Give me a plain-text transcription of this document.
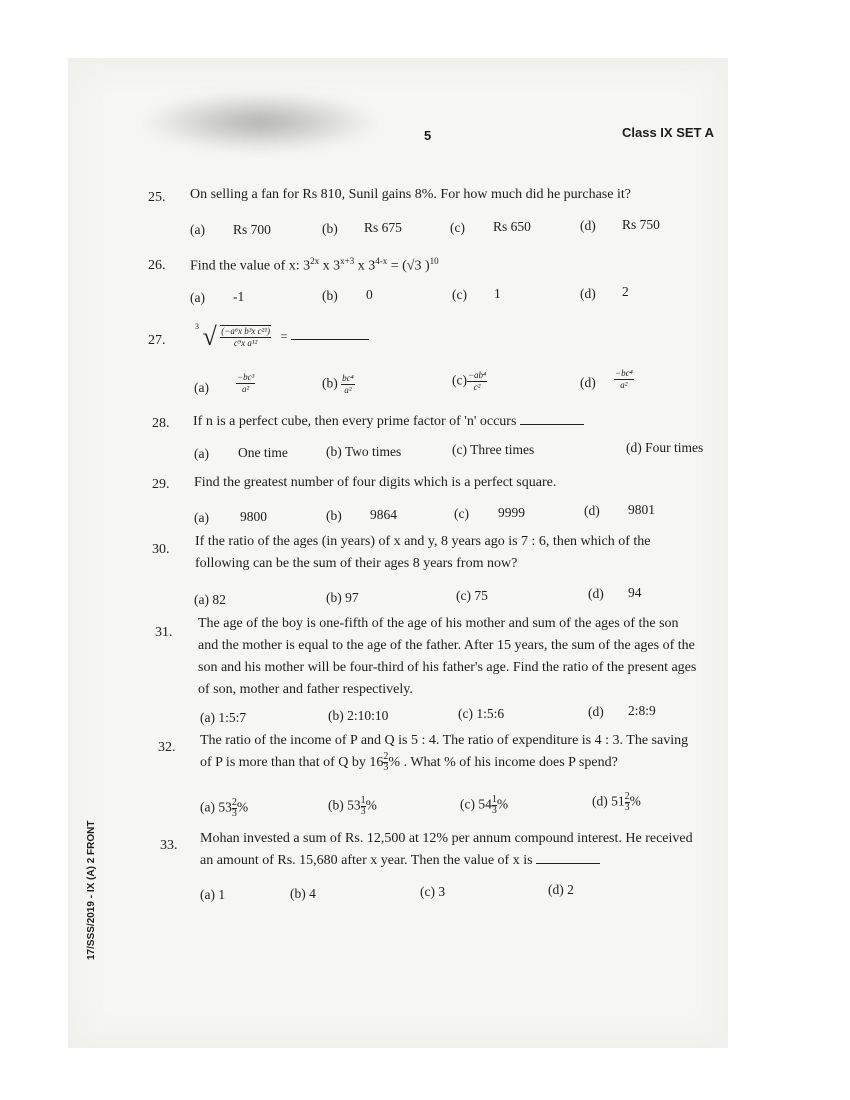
5	Class IX SET A
17/SSS/2019 - IX (A) 2 FRONT
25. On selling a fan for Rs 810, Sunil gains 8%. For how much did he purchase it?
(a) Rs 700	(b) Rs 675	(c) Rs 650	(d) Rs 750
26. Find the value of x: $3^{2x}$ x $3^{x+3}$ x $3^{4-x} = (√3$ )$^{10}$
(a) -1	(b) 0	(c) 1	(d) 2
27.
$^3$ √ $\frac{\text{(−a⁶x b³x c²¹)}}{\text{c⁹x a¹²}}$ =
(a)	$\frac{\text{−bc³}}{\text{a²}}$	$(b) \frac{\text{bc⁴}}{\text{a²}}$	$(c) \frac{\text{−ab⁴}}{\text{c²}}$	$(d) \frac{\text{−bc⁴}}{\text{a²}}$
28. If n is a perfect cube, then every prime factor of 'n' occurs
(a) One time	(b) Two times	(c) Three times	(d) Four times
29. Find the greatest number of four digits which is a perfect square.
(a) 9800	(b) 9864	(c) 9999	(d) 9801
30.
If the ratio of the ages (in years) of x and y, 8 years ago is 7 : 6, then which of the
following can be the sum of their ages 8 years from now?
(a) 82	(b) 97	(c) 75	(d) 94
31.
The age of the boy is one-fifth of the age of his mother and sum of the ages of the son
and the mother is equal to the age of the father. After 15 years, the sum of the ages of the
son and his mother will be four-third of his father's age. Find the ratio of the present ages
of son, mother and father respectively.
(a) 1:5:7	(b) 2:10:10	(c) 1:5:6	(d) 2:8:9
32. The ratio of the income of P and Q is 5 : 4. The ratio of expenditure is 4 : 3. The saving
of P is more than that of Q by $16 \frac{2}{3}\%$ . What % of his income does P spend?
(a) $53 \frac{2}{3}\%$	(b) $53 \frac{1}{3}\%$	(c) $54 \frac{1}{3}\%$	(d) $51 \frac{2}{3}\%$
33. Mohan invested a sum of Rs. 12,500 at 12% per annum compound interest. He received
an amount of Rs. 15,680 after x year. Then the value of x is
(a) 1	(b) 4	(c) 3	(d) 2
